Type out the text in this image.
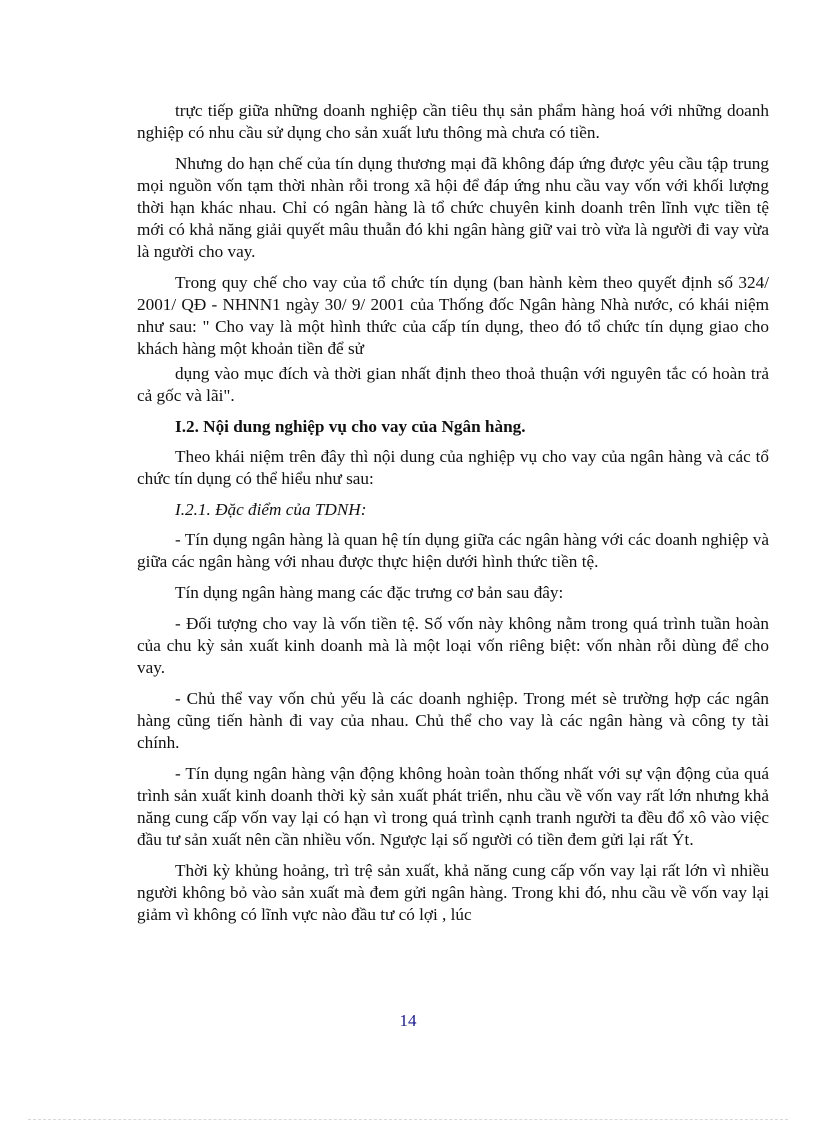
trực tiếp giữa những doanh nghiệp cần tiêu thụ sản phẩm hàng hoá với những doanh nghiệp có nhu cầu sử dụng cho sản xuất lưu thông mà chưa có tiền.

Nhưng do hạn chế của tín dụng thương mại đã không đáp ứng được yêu cầu tập trung mọi nguồn vốn tạm thời nhàn rỗi trong xã hội để đáp ứng nhu cầu vay vốn với khối lượng thời hạn khác nhau. Chỉ có ngân hàng là tổ chức chuyên kinh doanh trên lĩnh vực tiền tệ mới có khả năng giải quyết mâu thuẫn đó khi ngân hàng giữ vai trò vừa là người đi vay vừa là người cho vay.

Trong quy chế cho vay của tổ chức tín dụng (ban hành kèm theo quyết định số 324/ 2001/ QĐ - NHNN1 ngày 30/ 9/ 2001 của Thống đốc Ngân hàng Nhà nước, có khái niệm như sau: " Cho vay là một hình thức của cấp tín dụng, theo đó tổ chức tín dụng giao cho khách hàng một khoản tiền để sử

dụng vào mục đích và thời gian nhất định theo thoả thuận với nguyên tắc có hoàn trả cả gốc và lãi".

I.2. Nội dung nghiệp vụ cho vay của Ngân hàng.

Theo khái niệm trên đây thì nội dung của nghiệp vụ cho vay của ngân hàng và các tổ chức tín dụng có thể hiểu như sau:

I.2.1. Đặc điểm của TDNH:

- Tín dụng ngân hàng là quan hệ tín dụng giữa các ngân hàng với các doanh nghiệp và giữa các ngân hàng với nhau được thực hiện dưới hình thức tiền tệ.

Tín dụng ngân hàng mang các đặc trưng cơ bản sau đây:

- Đối tượng cho vay là vốn tiền tệ. Số vốn này không nằm trong quá trình tuần hoàn của chu kỳ sản xuất kinh doanh mà là một loại vốn riêng biệt: vốn nhàn rỗi dùng để cho vay.

- Chủ thể vay vốn chủ yếu là các doanh nghiệp. Trong mét sè trường hợp các ngân hàng cũng tiến hành đi vay của nhau. Chủ thể cho vay là các ngân hàng và công ty tài chính.

- Tín dụng ngân hàng vận động không hoàn toàn thống nhất với sự vận động của quá trình sản xuất kinh doanh thời kỳ sản xuất phát triển, nhu cầu về vốn vay rất lớn nhưng khả năng cung cấp vốn vay lại có hạn vì trong quá trình cạnh tranh người ta đều đổ xô vào việc đầu tư sản xuất nên cần nhiều vốn. Ngược lại số người có tiền đem gửi lại rất Ýt.

Thời kỳ khủng hoảng, trì trệ sản xuất, khả năng cung cấp vốn vay lại rất lớn vì nhiều người không bỏ vào sản xuất mà đem gửi ngân hàng. Trong khi đó, nhu cầu về vốn vay lại giảm vì không có lĩnh vực nào đầu tư có lợi , lúc

14
